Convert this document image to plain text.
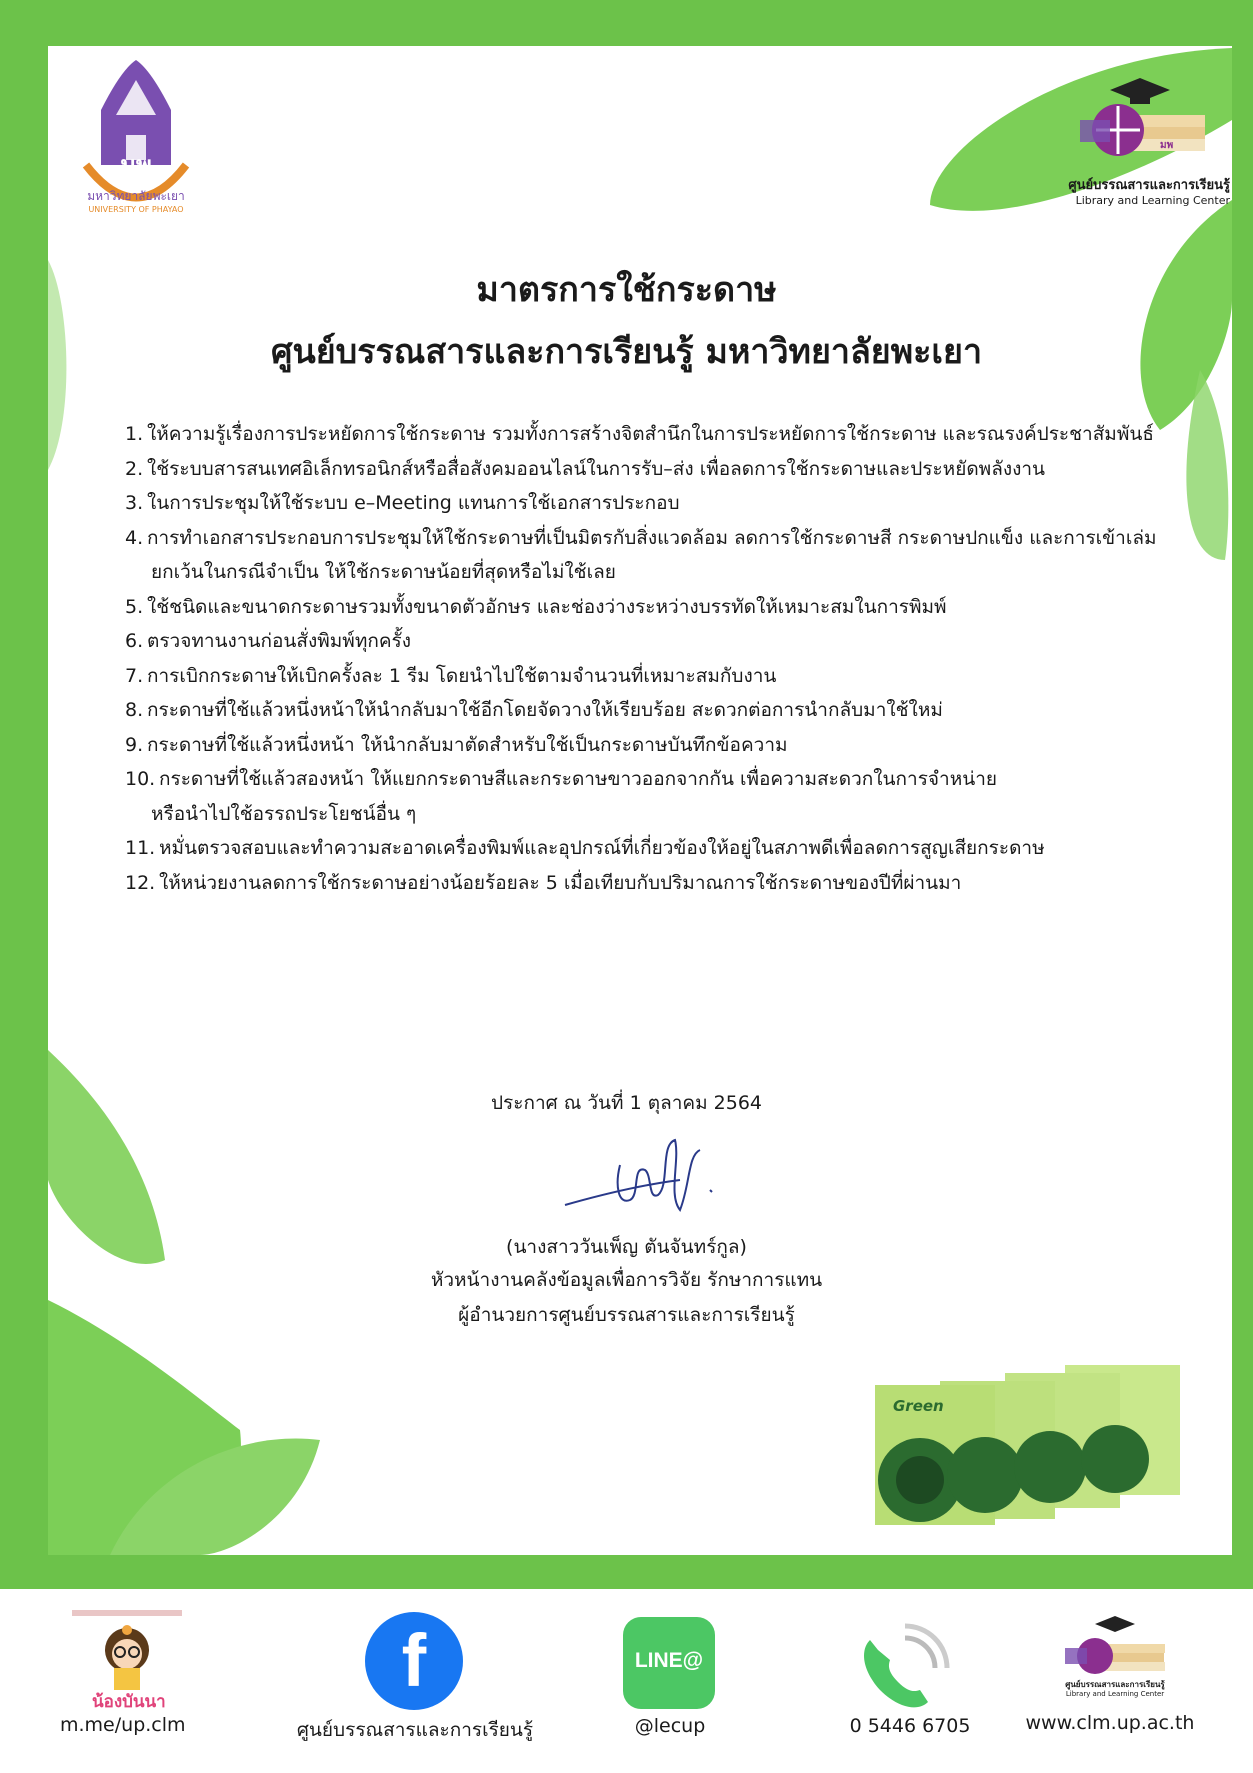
มพ
มหาวิทยาลัยพะเยา
UNIVERSITY OF PHAYAO
มพ
ศูนย์บรรณสารและการเรียนรู้
Library and Learning Center
มาตรการใช้กระดาษ
ศูนย์บรรณสารและการเรียนรู้ มหาวิทยาลัยพะเยา
1. ให้ความรู้เรื่องการประหยัดการใช้กระดาษ รวมทั้งการสร้างจิตสำนึกในการประหยัดการใช้กระดาษ และรณรงค์ประชาสัมพันธ์
2. ใช้ระบบสารสนเทศอิเล็กทรอนิกส์หรือสื่อสังคมออนไลน์ในการรับ–ส่ง เพื่อลดการใช้กระดาษและประหยัดพลังงาน
3. ในการประชุมให้ใช้ระบบ e–Meeting แทนการใช้เอกสารประกอบ
4. การทำเอกสารประกอบการประชุมให้ใช้กระดาษที่เป็นมิตรกับสิ่งแวดล้อม ลดการใช้กระดาษสี กระดาษปกแข็ง และการเข้าเล่ม
ยกเว้นในกรณีจำเป็น ให้ใช้กระดาษน้อยที่สุดหรือไม่ใช้เลย
5. ใช้ชนิดและขนาดกระดาษรวมทั้งขนาดตัวอักษร และช่องว่างระหว่างบรรทัดให้เหมาะสมในการพิมพ์
6. ตรวจทานงานก่อนสั่งพิมพ์ทุกครั้ง
7. การเบิกกระดาษให้เบิกครั้งละ 1 รีม โดยนำไปใช้ตามจำนวนที่เหมาะสมกับงาน
8. กระดาษที่ใช้แล้วหนึ่งหน้าให้นำกลับมาใช้อีกโดยจัดวางให้เรียบร้อย สะดวกต่อการนำกลับมาใช้ใหม่
9. กระดาษที่ใช้แล้วหนึ่งหน้า ให้นำกลับมาตัดสำหรับใช้เป็นกระดาษบันทึกข้อความ
10. กระดาษที่ใช้แล้วสองหน้า ให้แยกกระดาษสีและกระดาษขาวออกจากกัน เพื่อความสะดวกในการจำหน่าย
หรือนำไปใช้อรรถประโยชน์อื่น ๆ
11. หมั่นตรวจสอบและทำความสะอาดเครื่องพิมพ์และอุปกรณ์ที่เกี่ยวข้องให้อยู่ในสภาพดีเพื่อลดการสูญเสียกระดาษ
12. ให้หน่วยงานลดการใช้กระดาษอย่างน้อยร้อยละ 5 เมื่อเทียบกับปริมาณการใช้กระดาษของปีที่ผ่านมา
ประกาศ ณ วันที่ 1 ตุลาคม 2564
(นางสาววันเพ็ญ ตันจันทร์กูล)
หัวหน้างานคลังข้อมูลเพื่อการวิจัย รักษาการแทน
ผู้อำนวยการศูนย์บรรณสารและการเรียนรู้
Green
น้องบันนา
m.me/up.clm
f
ศูนย์บรรณสารและการเรียนรู้
LINE@
@lecup	0 5446 6705
ศูนย์บรรณสารและการเรียนรู้
Library and Learning Center
www.clm.up.ac.th
